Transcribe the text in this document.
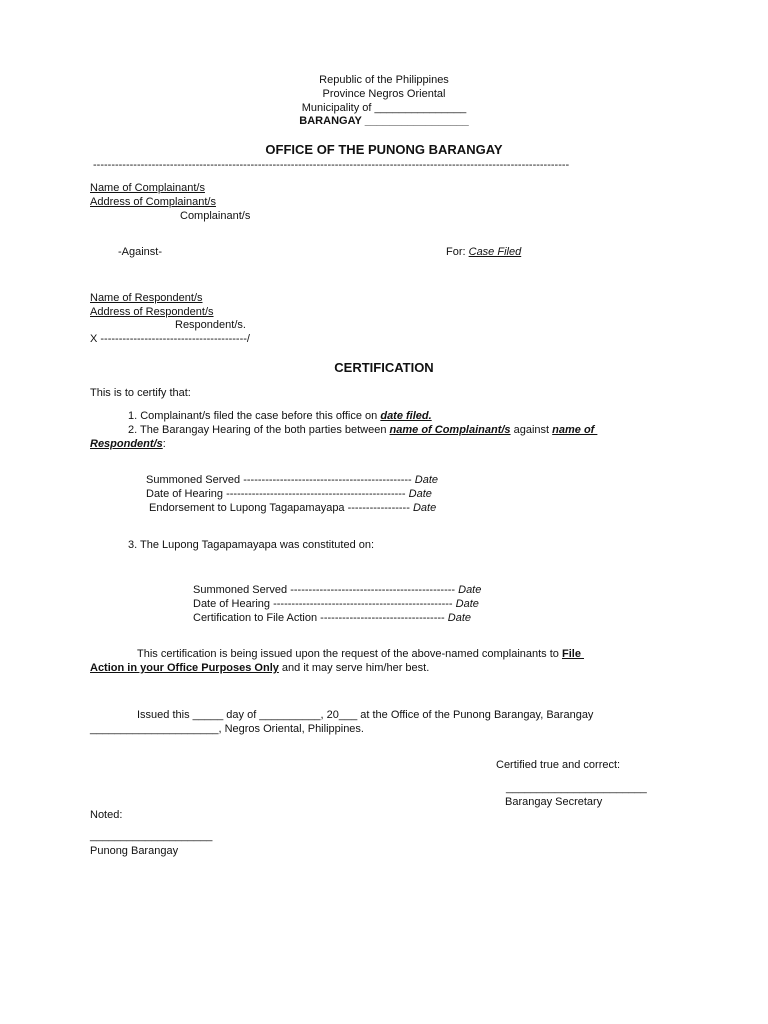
Republic of the Philippines
Province Negros Oriental
Municipality of _______________
BARANGAY _________________
OFFICE OF THE PUNONG BARANGAY
----------------------------------------------------------------------------------------------------------------------------------
Name of Complainant/s
Address of Complainant/s
Complainant/s
-Against-	For: Case Filed
Name of Respondent/s
Address of Respondent/s
Respondent/s.
X ----------------------------------------/
CERTIFICATION
This is to certify that:
1. Complainant/s filed the case before this office on date filed.
2. The Barangay Hearing of the both parties between name of Complainant/s against name of
Respondent/s:
Summoned Served ---------------------------------------------- Date
Date of Hearing ------------------------------------------------- Date
Endorsement to Lupong Tagapamayapa ----------------- Date
3. The Lupong Tagapamayapa was constituted on:
Summoned Served --------------------------------------------- Date
Date of Hearing ------------------------------------------------- Date
Certification to File Action ---------------------------------- Date
This certification is being issued upon the request of the above-named complainants to File
Action in your Office Purposes Only and it may serve him/her best.
Issued this _____ day of __________, 20___ at the Office of the Punong Barangay, Barangay
_____________________, Negros Oriental, Philippines.
Certified true and correct:
_______________________
Barangay Secretary
Noted:
____________________
Punong Barangay
